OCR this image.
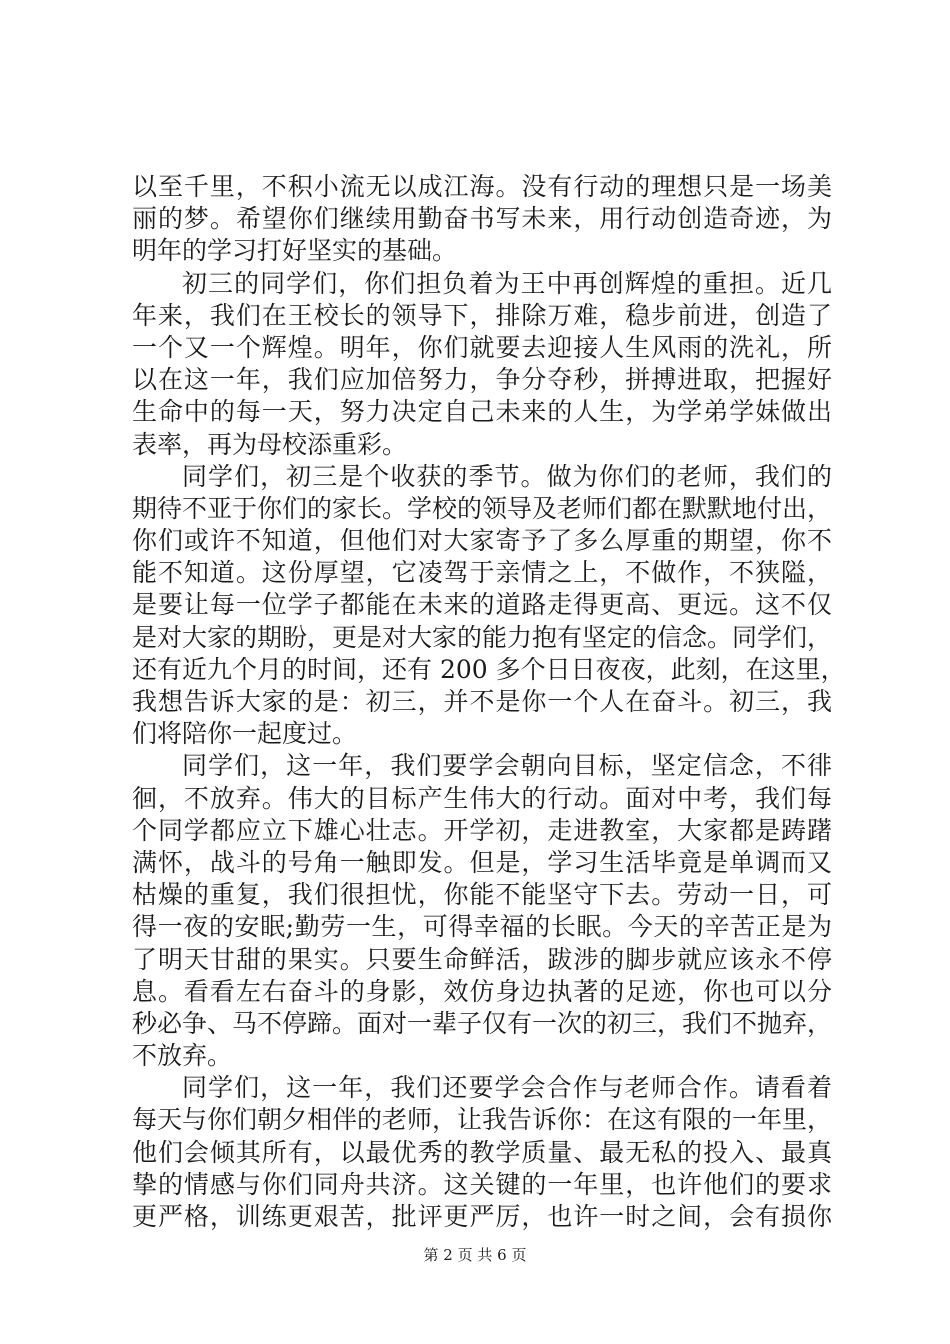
以至千里，不积小流无以成江海。没有行动的理想只是一场美
丽的梦。希望你们继续用勤奋书写未来，用行动创造奇迹，为
明年的学习打好坚实的基础。
初三的同学们，你们担负着为王中再创辉煌的重担。近几
年来，我们在王校长的领导下，排除万难，稳步前进，创造了
一个又一个辉煌。明年，你们就要去迎接人生风雨的洗礼，所
以在这一年，我们应加倍努力，争分夺秒，拼搏进取，把握好
生命中的每一天，努力决定自己未来的人生，为学弟学妹做出
表率，再为母校添重彩。
同学们，初三是个收获的季节。做为你们的老师，我们的
期待不亚于你们的家长。学校的领导及老师们都在默默地付出，
你们或许不知道，但他们对大家寄予了多么厚重的期望，你不
能不知道。这份厚望，它凌驾于亲情之上，不做作，不狭隘，
是要让每一位学子都能在未来的道路走得更高、更远。这不仅
是对大家的期盼，更是对大家的能力抱有坚定的信念。同学们，
还有近九个月的时间，还有 200 多个日日夜夜，此刻，在这里，
我想告诉大家的是：初三，并不是你一个人在奋斗。初三，我
们将陪你一起度过。
同学们，这一年，我们要学会朝向目标，坚定信念，不徘
徊，不放弃。伟大的目标产生伟大的行动。面对中考，我们每
个同学都应立下雄心壮志。开学初，走进教室，大家都是踌躇
满怀，战斗的号角一触即发。但是，学习生活毕竟是单调而又
枯燥的重复，我们很担忧，你能不能坚守下去。劳动一日，可
得一夜的安眠;勤劳一生，可得幸福的长眠。今天的辛苦正是为
了明天甘甜的果实。只要生命鲜活，跋涉的脚步就应该永不停
息。看看左右奋斗的身影，效仿身边执著的足迹，你也可以分
秒必争、马不停蹄。面对一辈子仅有一次的初三，我们不抛弃，
不放弃。
同学们，这一年，我们还要学会合作与老师合作。请看着
每天与你们朝夕相伴的老师，让我告诉你：在这有限的一年里，
他们会倾其所有，以最优秀的教学质量、最无私的投入、最真
挚的情感与你们同舟共济。这关键的一年里，也许他们的要求
更严格，训练更艰苦，批评更严厉，也许一时之间，会有损你
第 2 页 共 6 页
